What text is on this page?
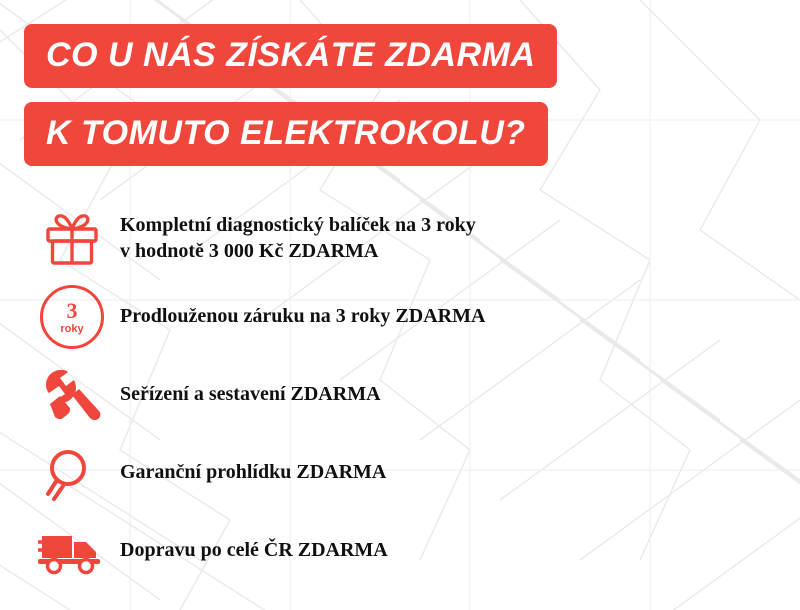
CO U NÁS ZÍSKÁTE ZDARMA
K TOMUTO ELEKTROKOLU?
Kompletní diagnostický balíček na 3 roky
v hodnotě 3 000 Kč ZDARMA
3
roky
Prodlouženou záruku na 3 roky ZDARMA
Seřízení a sestavení ZDARMA
Garanční prohlídku ZDARMA
Dopravu po celé ČR ZDARMA
